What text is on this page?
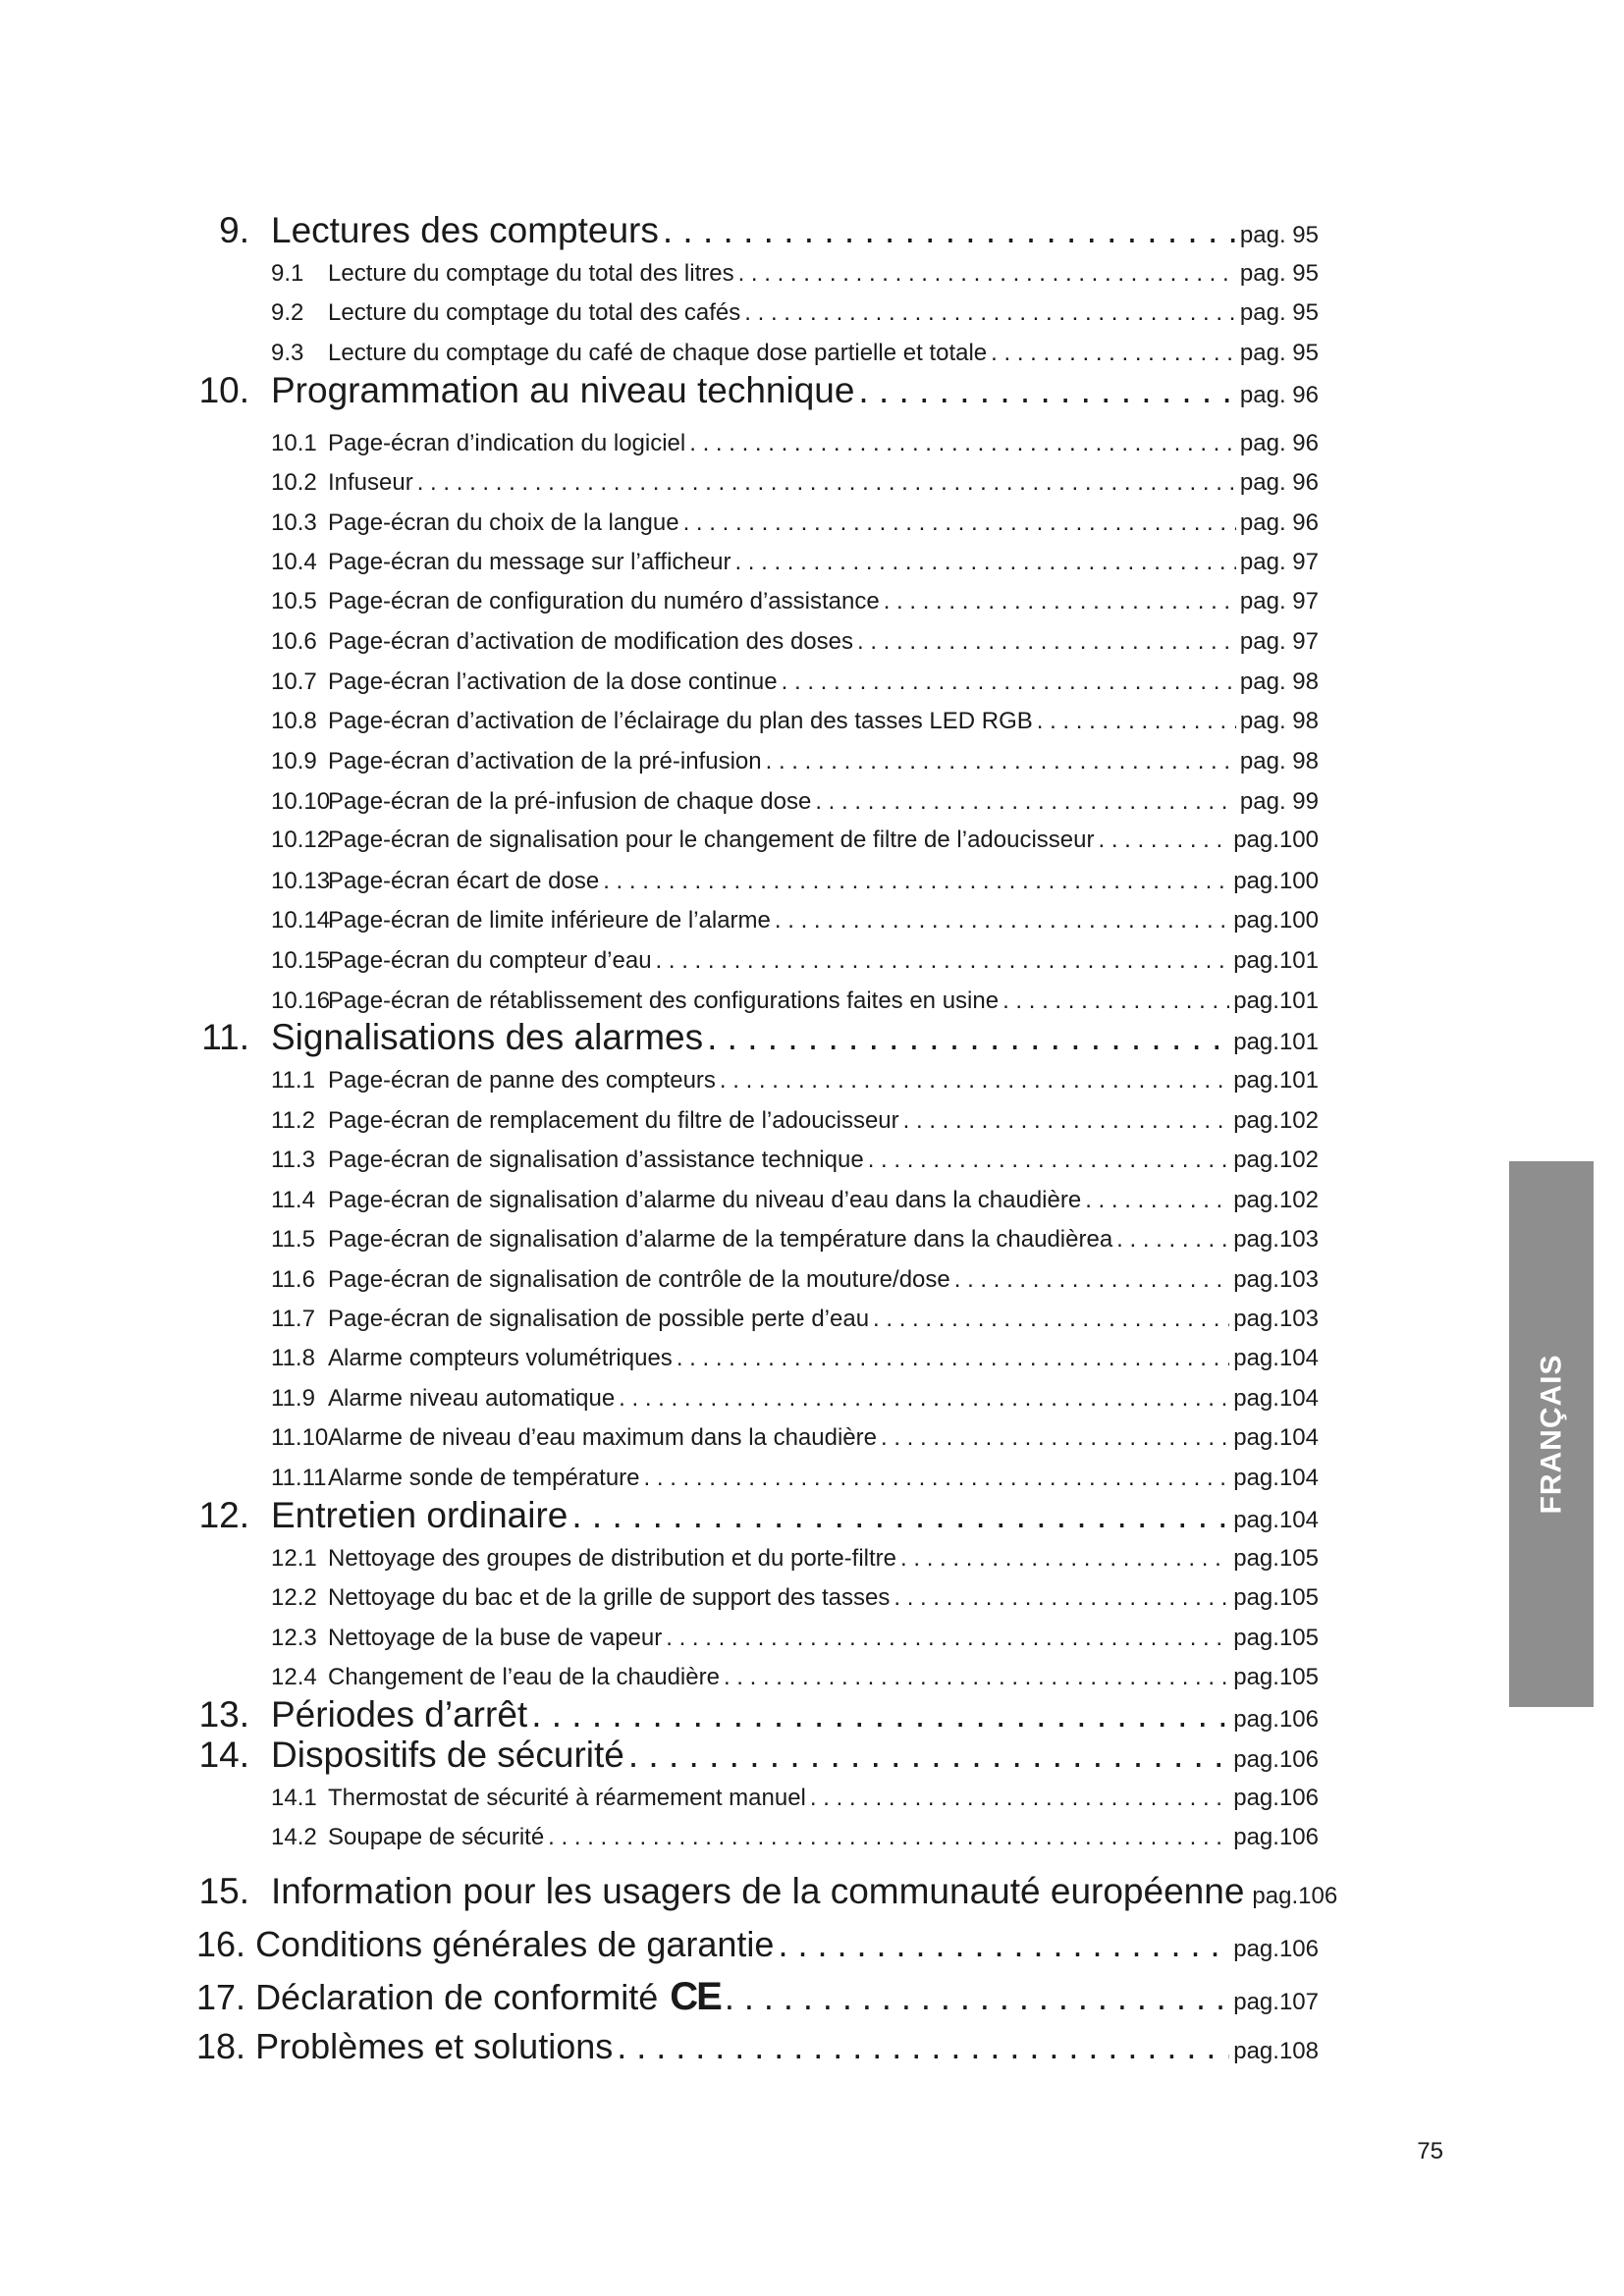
9. Lectures des compteurs . . .	pag. 95
9.1 Lecture du comptage du total des litres . . .	pag. 95
9.2 Lecture du comptage du total des cafés . . .	pag. 95
9.3 Lecture du comptage du café de chaque dose partielle et totale . . .	pag. 95
10. Programmation au niveau technique . . .	pag. 96
10.1 Page-écran d’indication du logiciel . . .	pag. 96
10.2 Infuseur . . .	pag. 96
10.3 Page-écran du choix de la langue . . .	pag. 96
10.4 Page-écran du message sur l’afficheur . . .	pag. 97
10.5 Page-écran de configuration du numéro d’assistance . . .	pag. 97
10.6 Page-écran d’activation de modification des doses . . .	pag. 97
10.7 Page-écran l’activation de la dose continue . . .	pag. 98
10.8 Page-écran d’activation de l’éclairage du plan des tasses LED RGB . . .	pag. 98
10.9 Page-écran d’activation de la pré-infusion . . .	pag. 98
10.10Page-écran de la pré-infusion de chaque dose . . .	pag. 99
10.12Page-écran de signalisation pour le changement de filtre de l’adoucisseur . . .	pag.100
10.13Page-écran écart de dose . . .	pag.100
10.14Page-écran de limite inférieure de l’alarme . . .	pag.100
10.15Page-écran du compteur d’eau . . .	pag.101
10.16Page-écran de rétablissement des configurations faites en usine . . .	pag.101
11. Signalisations des alarmes . . .	pag.101
11.1 Page-écran de panne des compteurs . . .	pag.101
11.2 Page-écran de remplacement du filtre de l’adoucisseur . . .	pag.102
11.3 Page-écran de signalisation d’assistance technique . . .	pag.102
11.4 Page-écran de signalisation d’alarme du niveau d’eau dans la chaudière . . .	pag.102
11.5 Page-écran de signalisation d’alarme de la température dans la chaudièrea . . .	pag.103
11.6 Page-écran de signalisation de contrôle de la mouture/dose . . .	pag.103
11.7 Page-écran de signalisation de possible perte d’eau . . .	pag.103
11.8 Alarme compteurs volumétriques . . .	pag.104
11.9 Alarme niveau automatique . . .	pag.104
11.10Alarme de niveau d’eau maximum dans la chaudière . . .	pag.104
11.11Alarme sonde de température . . .	pag.104
12. Entretien ordinaire . . .	pag.104
12.1 Nettoyage des groupes de distribution et du porte-filtre . . .	pag.105
12.2 Nettoyage du bac et de la grille de support des tasses . . .	pag.105
12.3 Nettoyage de la buse de vapeur . . .	pag.105
12.4 Changement de l’eau de la chaudière . . .	pag.105
13. Périodes d’arrêt . . .	pag.106
14. Dispositifs de sécurité . . .	pag.106
14.1 Thermostat de sécurité à réarmement manuel . . .	pag.106
14.2 Soupape de sécurité . . .	pag.106
15. Information pour les usagers de la communauté européenne pag.106
16. Conditions générales de garantie . . .	pag.106
17. Déclaration de conformité CE . . .	pag.107
18. Problèmes et solutions . . .	pag.108
FRANÇAIS
75
